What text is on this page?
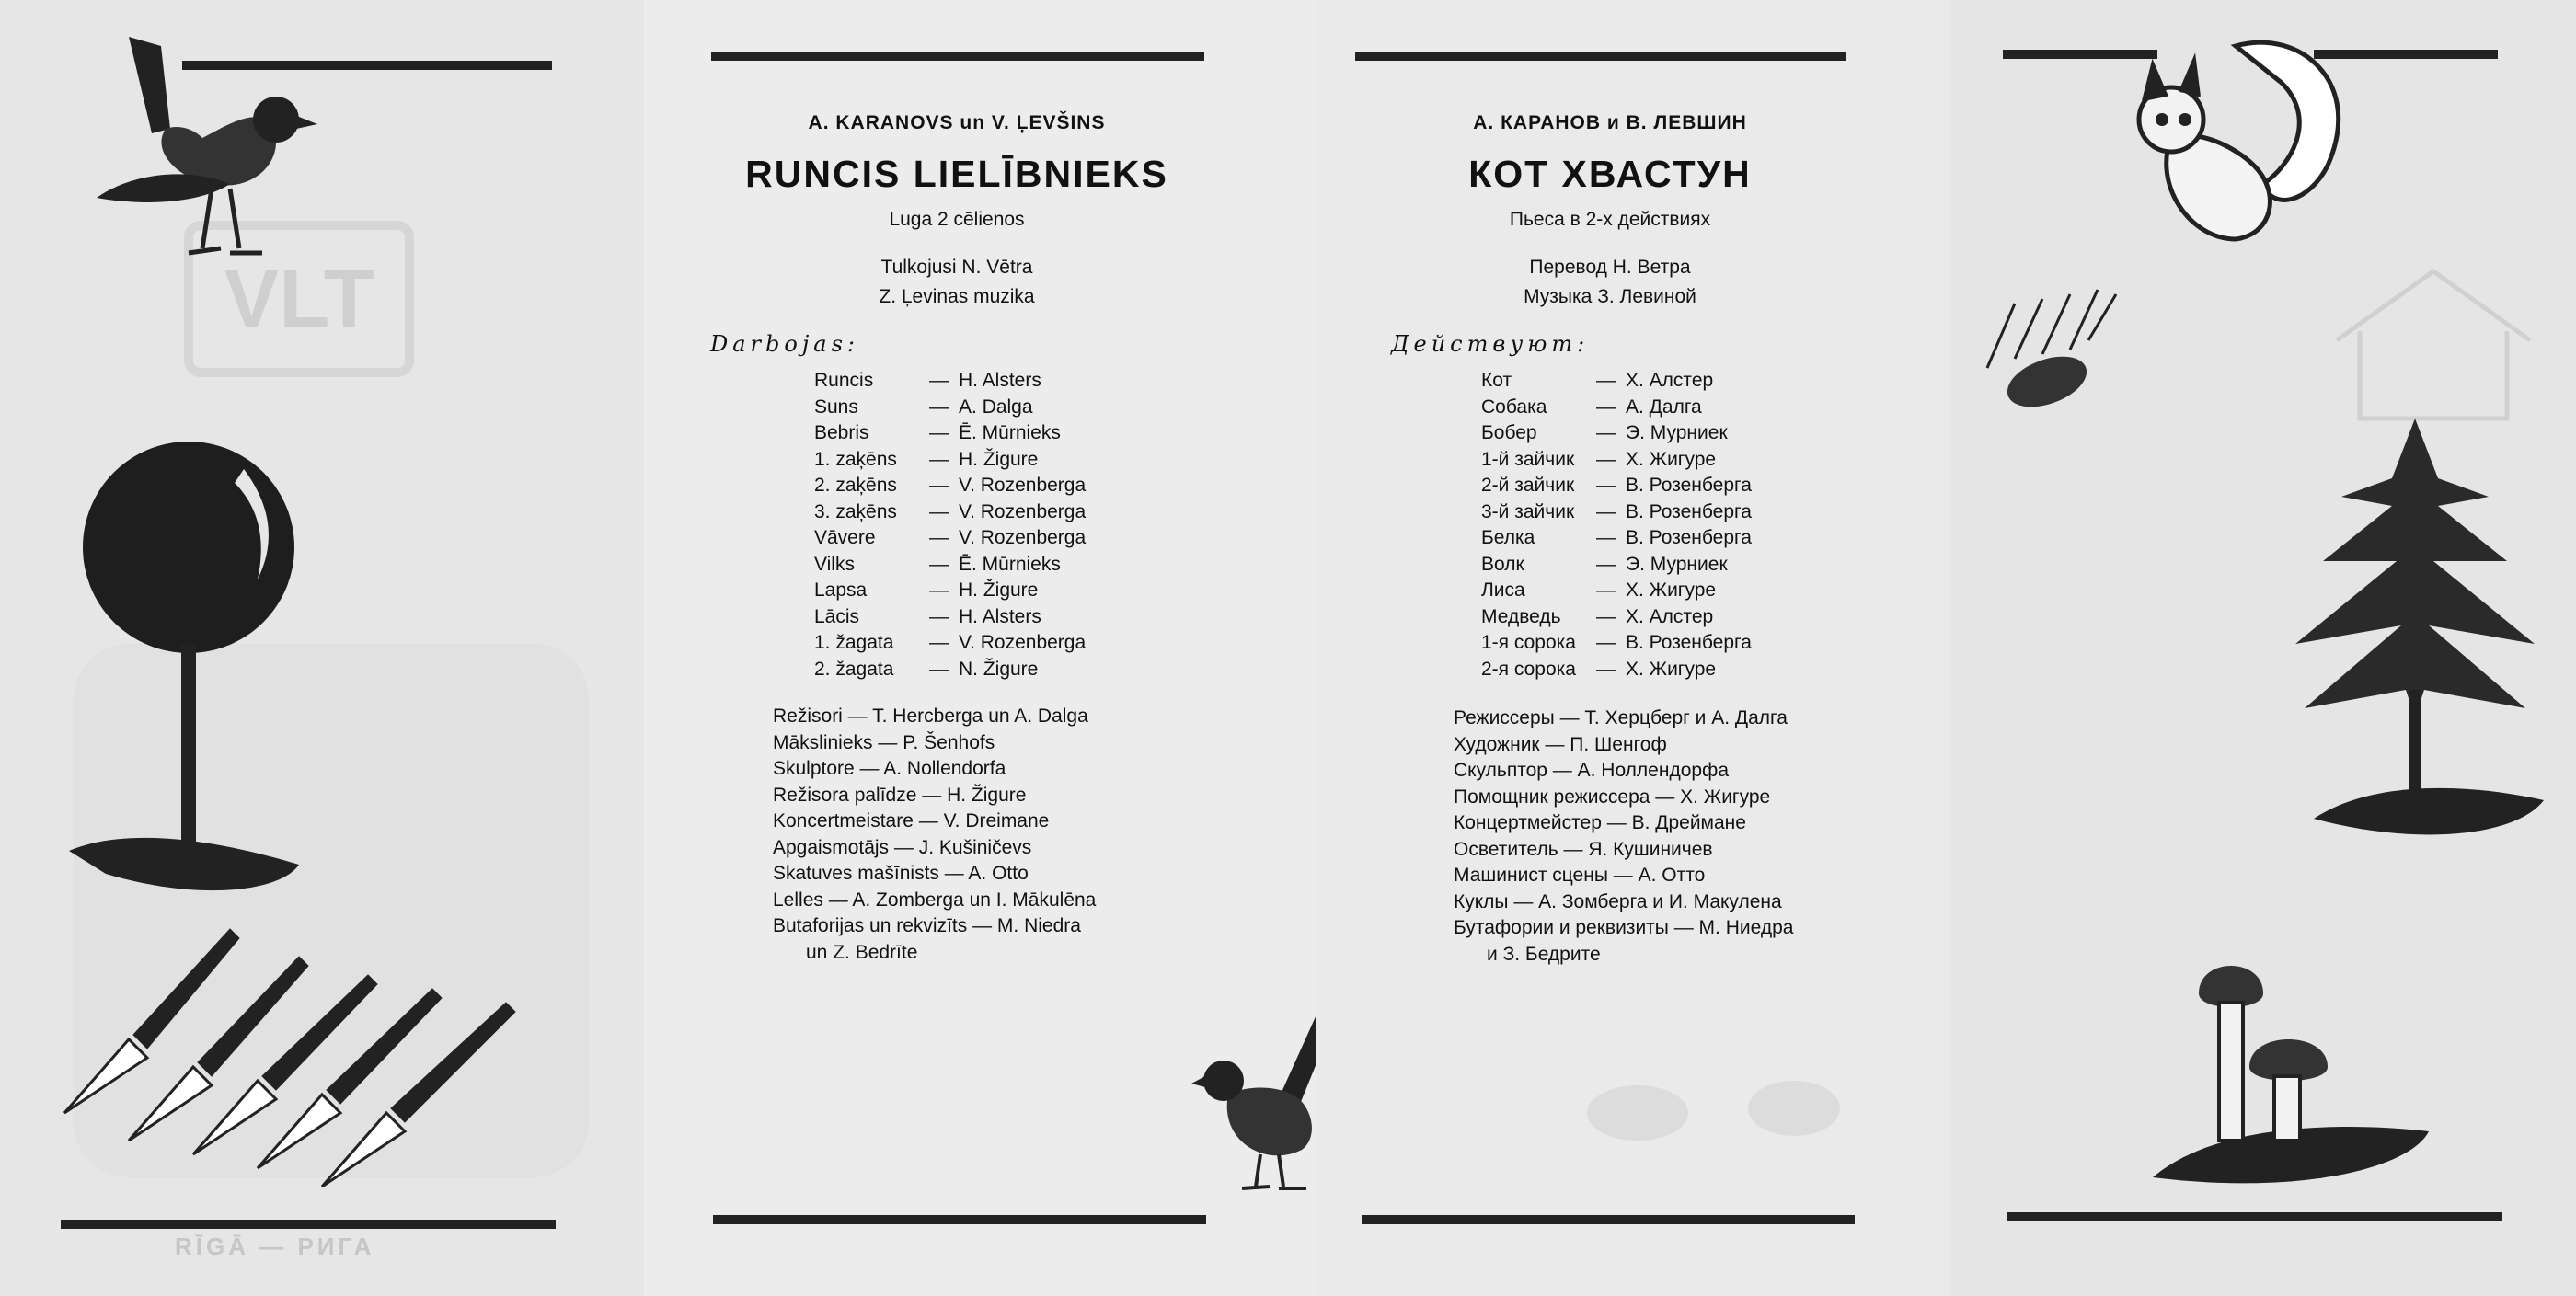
VLT
RĪGĀ — РИГА
A. KARANOVS un V. ĻEVŠINS
RUNCIS LIELĪBNIEKS
Luga 2 cēlienos
Tulkojusi N. Vētra
Z. Ļevinas muzika
Darbojas:
Runcis	— H. Alsters
Suns	— A. Dalga
Bebris	— Ē. Mūrnieks
1. zaķēns	— H. Žigure
2. zaķēns	— V. Rozenberga
3. zaķēns	— V. Rozenberga
Vāvere	— V. Rozenberga
Vilks	— Ē. Mūrnieks
Lapsa	— H. Žigure
Lācis	— H. Alsters
1. žagata	— V. Rozenberga
2. žagata	— N. Žigure
Režisori — T. Hercberga un A. Dalga
Mākslinieks — P. Šenhofs
Skulptore — A. Nollendorfa
Režisora palīdze — H. Žigure
Koncertmeistare — V. Dreimane
Apgaismotājs — J. Kušiničevs
Skatuves mašīnists — A. Otto
Lelles — A. Zomberga un I. Mākulēna
Butaforijas un rekvizīts — M. Niedra
un Z. Bedrīte
А. КАРАНОВ и В. ЛЕВШИН
КОТ ХВАСТУН
Пьеса в 2-х действиях
Перевод Н. Ветра
Музыка З. Левиной
Действуют:
Кот	— Х. Алстер
Собака	— А. Далга
Бобер	— Э. Мурниек
1-й зайчик	— Х. Жигуре
2-й зайчик	— В. Розенберга
3-й зайчик	— В. Розенберга
Белка	— В. Розенберга
Волк	— Э. Мурниек
Лиса	— Х. Жигуре
Медведь	— Х. Алстер
1-я сорока	— В. Розенберга
2-я сорока	— Х. Жигуре
Режиссеры — Т. Херцберг и А. Далга
Художник — П. Шенгоф
Скульптор — А. Ноллендорфа
Помощник режиссера — Х. Жигуре
Концертмейстер — В. Дреймане
Осветитель — Я. Кушиничев
Машинист сцены — А. Отто
Куклы — А. Зомберга и И. Макулена
Бутафории и реквизиты — М. Ниедра
и З. Бедрите
